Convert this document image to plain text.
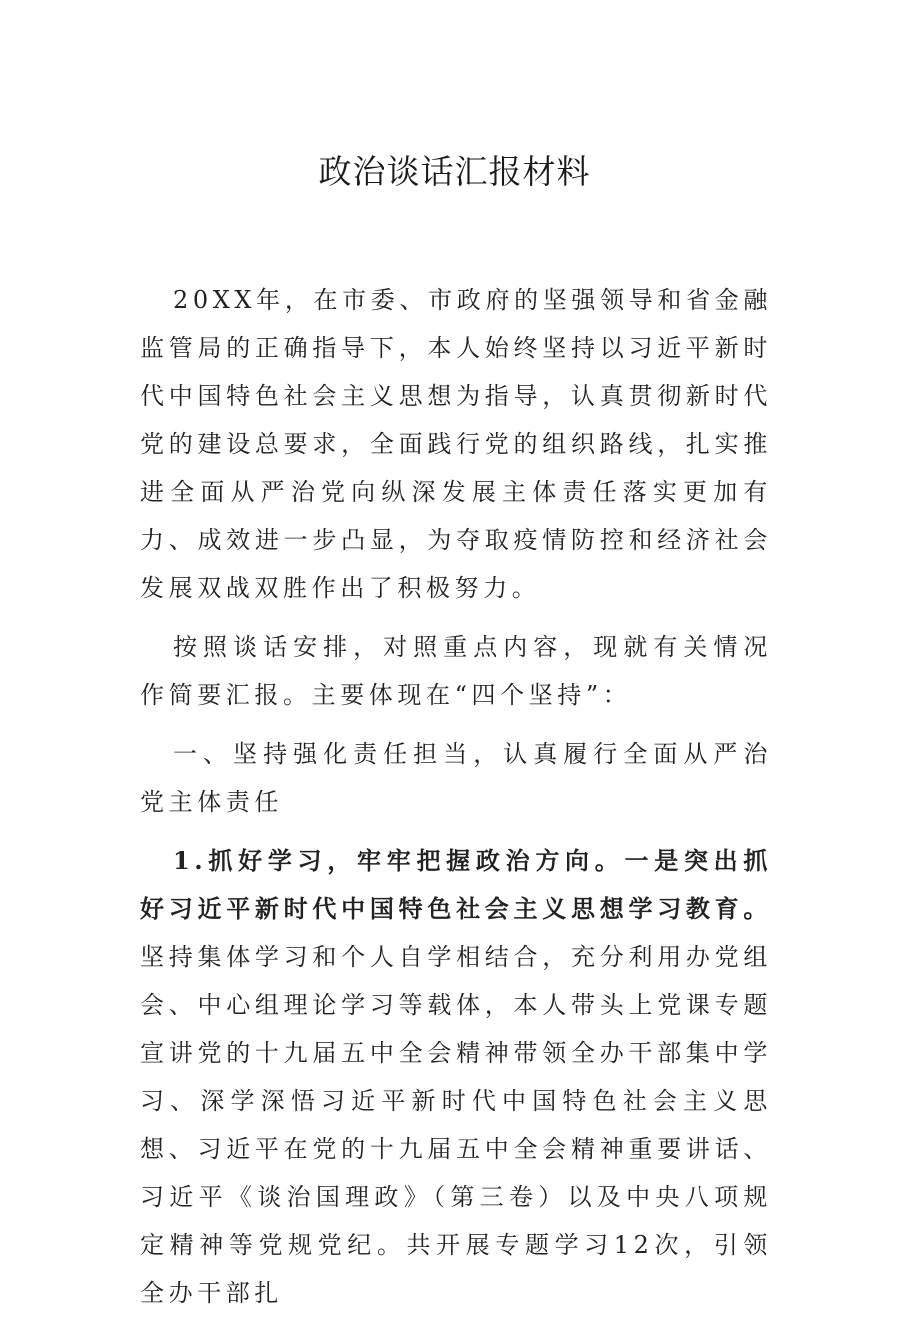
政治谈话汇报材料

20XX年，在市委、市政府的坚强领导和省金融监管局的正确指导下，本人始终坚持以习近平新时代中国特色社会主义思想为指导，认真贯彻新时代党的建设总要求，全面践行党的组织路线，扎实推进全面从严治党向纵深发展主体责任落实更加有力、成效进一步凸显，为夺取疫情防控和经济社会发展双战双胜作出了积极努力。

按照谈话安排，对照重点内容，现就有关情况作简要汇报。主要体现在“四个坚持”：

一、坚持强化责任担当，认真履行全面从严治党主体责任

1.抓好学习，牢牢把握政治方向。一是突出抓好习近平新时代中国特色社会主义思想学习教育。坚持集体学习和个人自学相结合，充分利用办党组会、中心组理论学习等载体，本人带头上党课专题宣讲党的十九届五中全会精神带领全办干部集中学习、深学深悟习近平新时代中国特色社会主义思想、习近平在党的十九届五中全会精神重要讲话、习近平《谈治国理政》（第三卷）以及中央八项规定精神等党规党纪。共开展专题学习12次，引领全办干部扎
